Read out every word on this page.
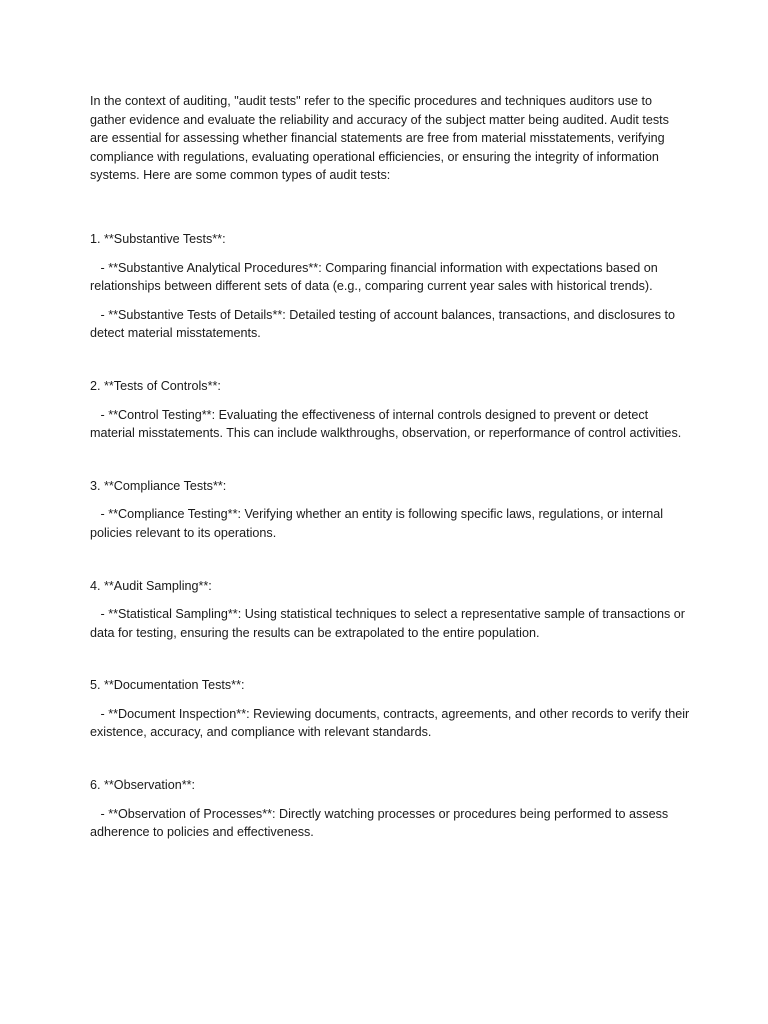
In the context of auditing, "audit tests" refer to the specific procedures and techniques auditors use to gather evidence and evaluate the reliability and accuracy of the subject matter being audited. Audit tests are essential for assessing whether financial statements are free from material misstatements, verifying compliance with regulations, evaluating operational efficiencies, or ensuring the integrity of information systems. Here are some common types of audit tests:

1. **Substantive Tests**:

- **Substantive Analytical Procedures**: Comparing financial information with expectations based on relationships between different sets of data (e.g., comparing current year sales with historical trends).

- **Substantive Tests of Details**: Detailed testing of account balances, transactions, and disclosures to detect material misstatements.

2. **Tests of Controls**:

- **Control Testing**: Evaluating the effectiveness of internal controls designed to prevent or detect material misstatements. This can include walkthroughs, observation, or reperformance of control activities.

3. **Compliance Tests**:

- **Compliance Testing**: Verifying whether an entity is following specific laws, regulations, or internal policies relevant to its operations.

4. **Audit Sampling**:

- **Statistical Sampling**: Using statistical techniques to select a representative sample of transactions or data for testing, ensuring the results can be extrapolated to the entire population.

5. **Documentation Tests**:

- **Document Inspection**: Reviewing documents, contracts, agreements, and other records to verify their existence, accuracy, and compliance with relevant standards.

6. **Observation**:

- **Observation of Processes**: Directly watching processes or procedures being performed to assess adherence to policies and effectiveness.
